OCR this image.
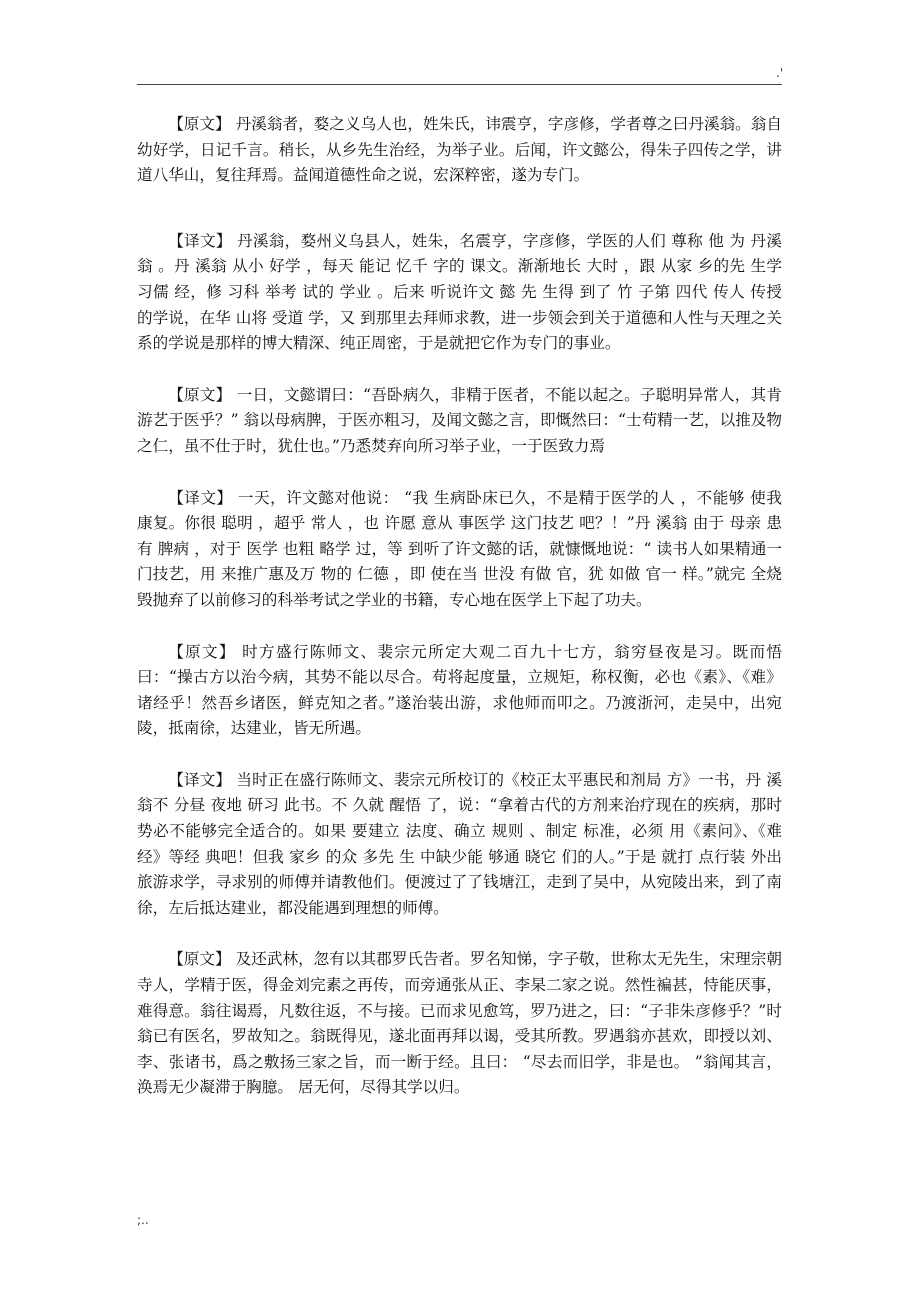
.'

【原文】 丹溪翁者，婺之义乌人也，姓朱氏，讳震亨，字彦修，学者尊之曰丹溪翁。翁自幼好学，日记千言。稍长，从乡先生治经，为举子业。后闻，许文懿公，得朱子四传之学，讲道八华山，复往拜焉。益闻道德性命之说，宏深粹密，遂为专门。

【译文】 丹溪翁，婺州义乌县人，姓朱，名震亨，字彦修，学医的人们 尊称 他 为 丹溪 翁 。丹 溪翁 从小 好学 ，每天 能记 忆千 字的 课文。渐渐地长 大时 ，跟 从家 乡的先 生学 习儒 经，修 习科 举考 试的 学业 。后来 听说许文 懿 先 生得 到了 竹 子第 四代 传人 传授 的学说，在华 山将 受道 学，又 到那里去拜师求教，进一步领会到关于道德和人性与天理之关系的学说是那样的博大精深、纯正周密，于是就把它作为专门的事业。

【原文】 一日，文懿谓曰：“吾卧病久，非精于医者，不能以起之。子聪明异常人，其肯游艺于医乎？” 翁以母病脾，于医亦粗习，及闻文懿之言，即慨然曰：“士苟精一艺，以推及物之仁，虽不仕于时，犹仕也。”乃悉焚弃向所习举子业，一于医致力焉

【译文】 一天，许文懿对他说： “我 生病卧床已久，不是精于医学的人 ，不能够 使我 康复。你很 聪明 ，超乎 常人 ，也 许愿 意从 事医学 这门技艺 吧？！”丹 溪翁 由于 母亲 患有 脾病 ，对于 医学 也粗 略学 过，等 到听了许文懿的话，就慷慨地说：“ 读书人如果精通一门技艺，用 来推广惠及万 物的 仁德 ，即 使在当 世没 有做 官，犹 如做 官一 样。”就完 全烧 毁抛弃了以前修习的科举考试之学业的书籍，专心地在医学上下起了功夫。

【原文】 时方盛行陈师文、裴宗元所定大观二百九十七方，翁穷昼夜是习。既而悟曰：“操古方以治今病，其势不能以尽合。苟将起度量，立规矩，称权衡，必也《素》、《难》诸经乎！然吾乡诸医，鲜克知之者。”遂治装出游，求他师而叩之。乃渡浙河，走吴中，出宛陵，抵南徐，达建业，皆无所遇。

【译文】 当时正在盛行陈师文、裴宗元所校订的《校正太平惠民和剂局 方》一书，丹 溪翁不 分昼 夜地 研习 此书。不 久就 醒悟 了，说：“拿着古代的方剂来治疗现在的疾病，那时势必不能够完全适合的。如果 要建立 法度、确立 规则 、制定 标准，必须 用《素问》、《难 经》等经 典吧！但我 家乡 的众 多先 生 中缺少能 够通 晓它 们的人。”于是 就打 点行装 外出旅游求学，寻求别的师傅并请教他们。便渡过了了钱塘江，走到了吴中，从宛陵出来，到了南徐，左后抵达建业，都没能遇到理想的师傅。

【原文】 及还武林，忽有以其郡罗氏告者。罗名知悌，字子敬，世称太无先生，宋理宗朝寺人，学精于医，得金刘完素之再传，而旁通张从正、李杲二家之说。然性褊甚，恃能厌事，难得意。翁往谒焉，凡数往返，不与接。已而求见愈笃，罗乃进之，曰：“子非朱彦修乎？”时翁已有医名，罗故知之。翁既得见，遂北面再拜以谒，受其所教。罗遇翁亦甚欢，即授以刘、 李、张诸书，爲之敷扬三家之旨，而一断于经。且曰： “尽去而旧学，非是也。 ”翁闻其言，涣焉无少凝滞于胸臆。 居无何，尽得其学以归。

;..
